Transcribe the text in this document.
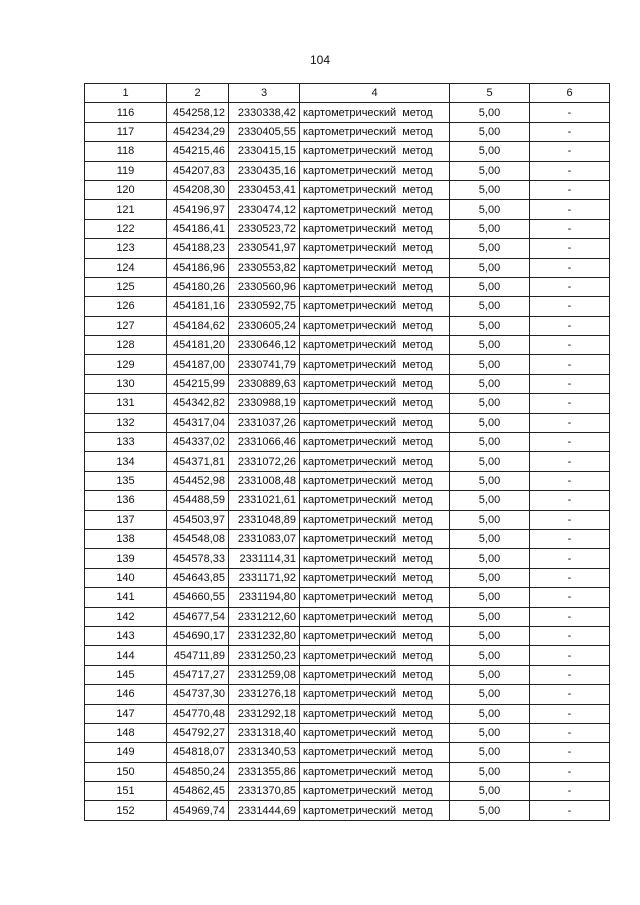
104
1	2	3	4	5	6
116	454258,12	2330338,42	картометрический метод	5,00	-
117	454234,29	2330405,55	картометрический метод	5,00	-
118	454215,46	2330415,15	картометрический метод	5,00	-
119	454207,83	2330435,16	картометрический метод	5,00	-
120	454208,30	2330453,41	картометрический метод	5,00	-
121	454196,97	2330474,12	картометрический метод	5,00	-
122	454186,41	2330523,72	картометрический метод	5,00	-
123	454188,23	2330541,97	картометрический метод	5,00	-
124	454186,96	2330553,82	картометрический метод	5,00	-
125	454180,26	2330560,96	картометрический метод	5,00	-
126	454181,16	2330592,75	картометрический метод	5,00	-
127	454184,62	2330605,24	картометрический метод	5,00	-
128	454181,20	2330646,12	картометрический метод	5,00	-
129	454187,00	2330741,79	картометрический метод	5,00	-
130	454215,99	2330889,63	картометрический метод	5,00	-
131	454342,82	2330988,19	картометрический метод	5,00	-
132	454317,04	2331037,26	картометрический метод	5,00	-
133	454337,02	2331066,46	картометрический метод	5,00	-
134	454371,81	2331072,26	картометрический метод	5,00	-
135	454452,98	2331008,48	картометрический метод	5,00	-
136	454488,59	2331021,61	картометрический метод	5,00	-
137	454503,97	2331048,89	картометрический метод	5,00	-
138	454548,08	2331083,07	картометрический метод	5,00	-
139	454578,33	2331114,31	картометрический метод	5,00	-
140	454643,85	2331171,92	картометрический метод	5,00	-
141	454660,55	2331194,80	картометрический метод	5,00	-
142	454677,54	2331212,60	картометрический метод	5,00	-
143	454690,17	2331232,80	картометрический метод	5,00	-
144	454711,89	2331250,23	картометрический метод	5,00	-
145	454717,27	2331259,08	картометрический метод	5,00	-
146	454737,30	2331276,18	картометрический метод	5,00	-
147	454770,48	2331292,18	картометрический метод	5,00	-
148	454792,27	2331318,40	картометрический метод	5,00	-
149	454818,07	2331340,53	картометрический метод	5,00	-
150	454850,24	2331355,86	картометрический метод	5,00	-
151	454862,45	2331370,85	картометрический метод	5,00	-
152	454969,74	2331444,69	картометрический метод	5,00	-
